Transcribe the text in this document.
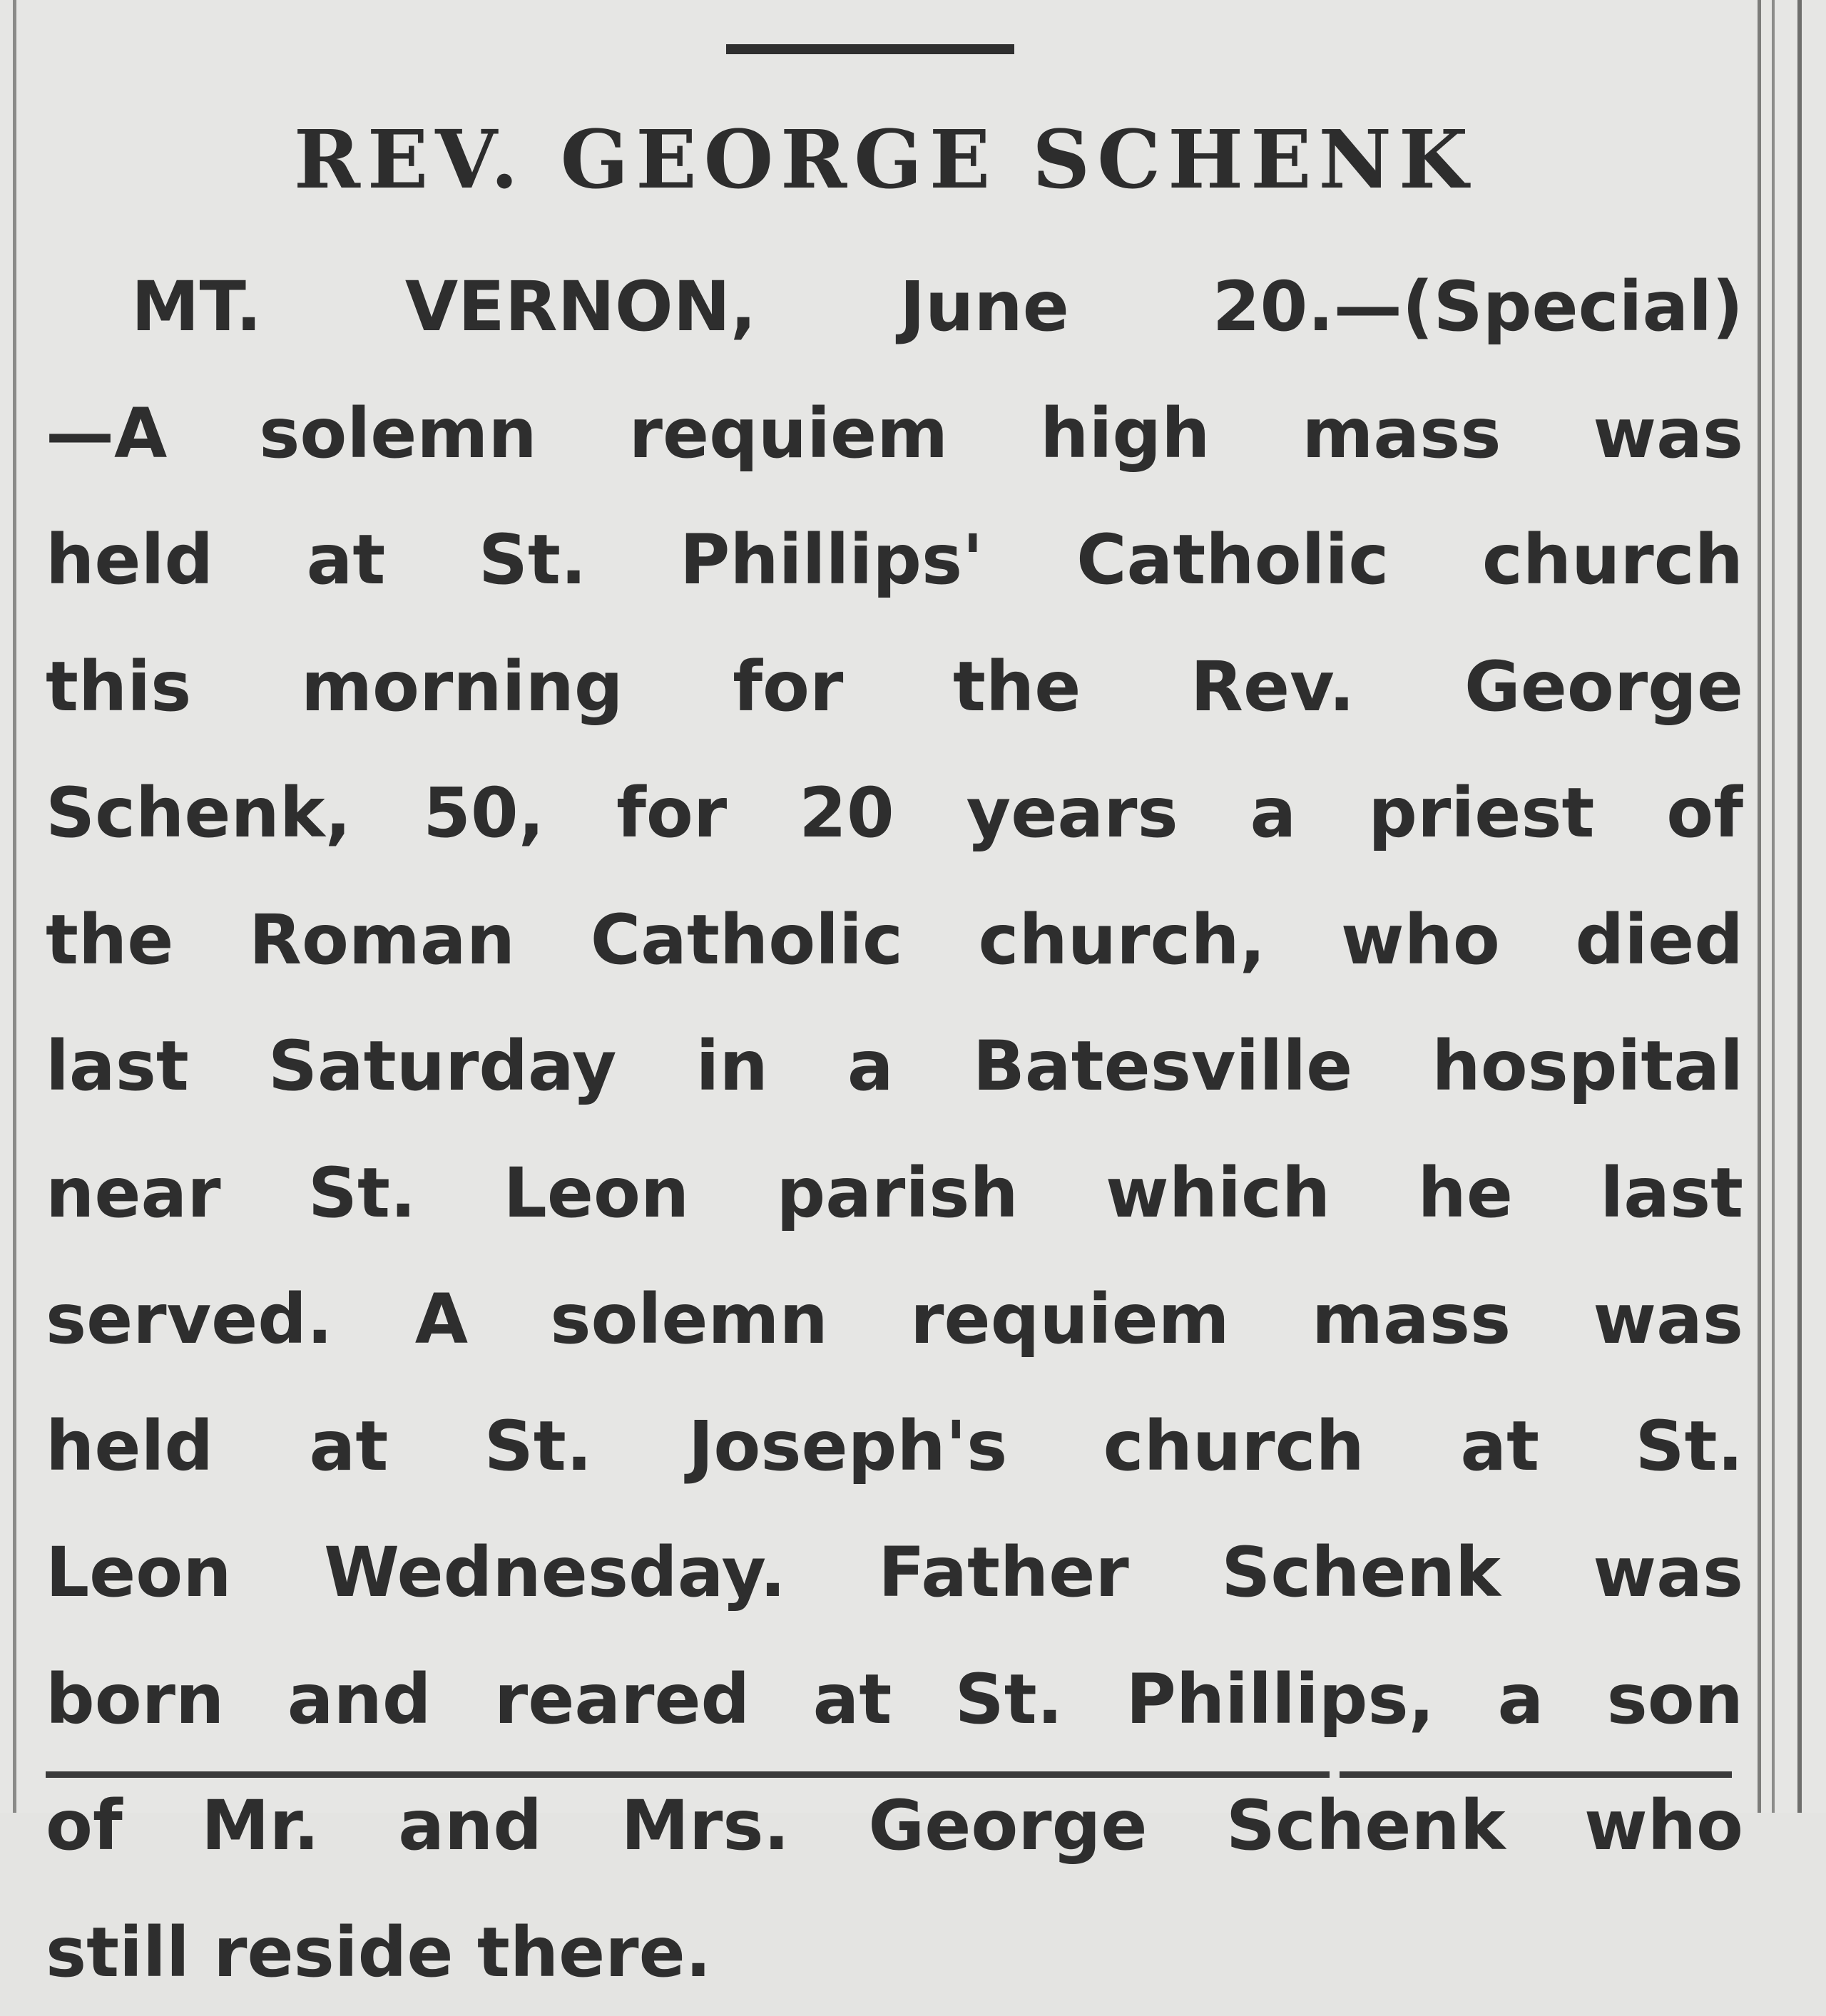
REV. GEORGE SCHENK
MT. VERNON, June 20.—(Special)
—A solemn requiem high mass was
held at St. Phillips' Catholic church
this morning for the Rev. George
Schenk, 50, for 20 years a priest of
the Roman Catholic church, who died
last Saturday in a Batesville hospital
near St. Leon parish which he last
served. A solemn requiem mass was
held at St. Joseph's church at St.
Leon Wednesday. Father Schenk was
born and reared at St. Phillips, a son
of Mr. and Mrs. George Schenk who
still reside there.
